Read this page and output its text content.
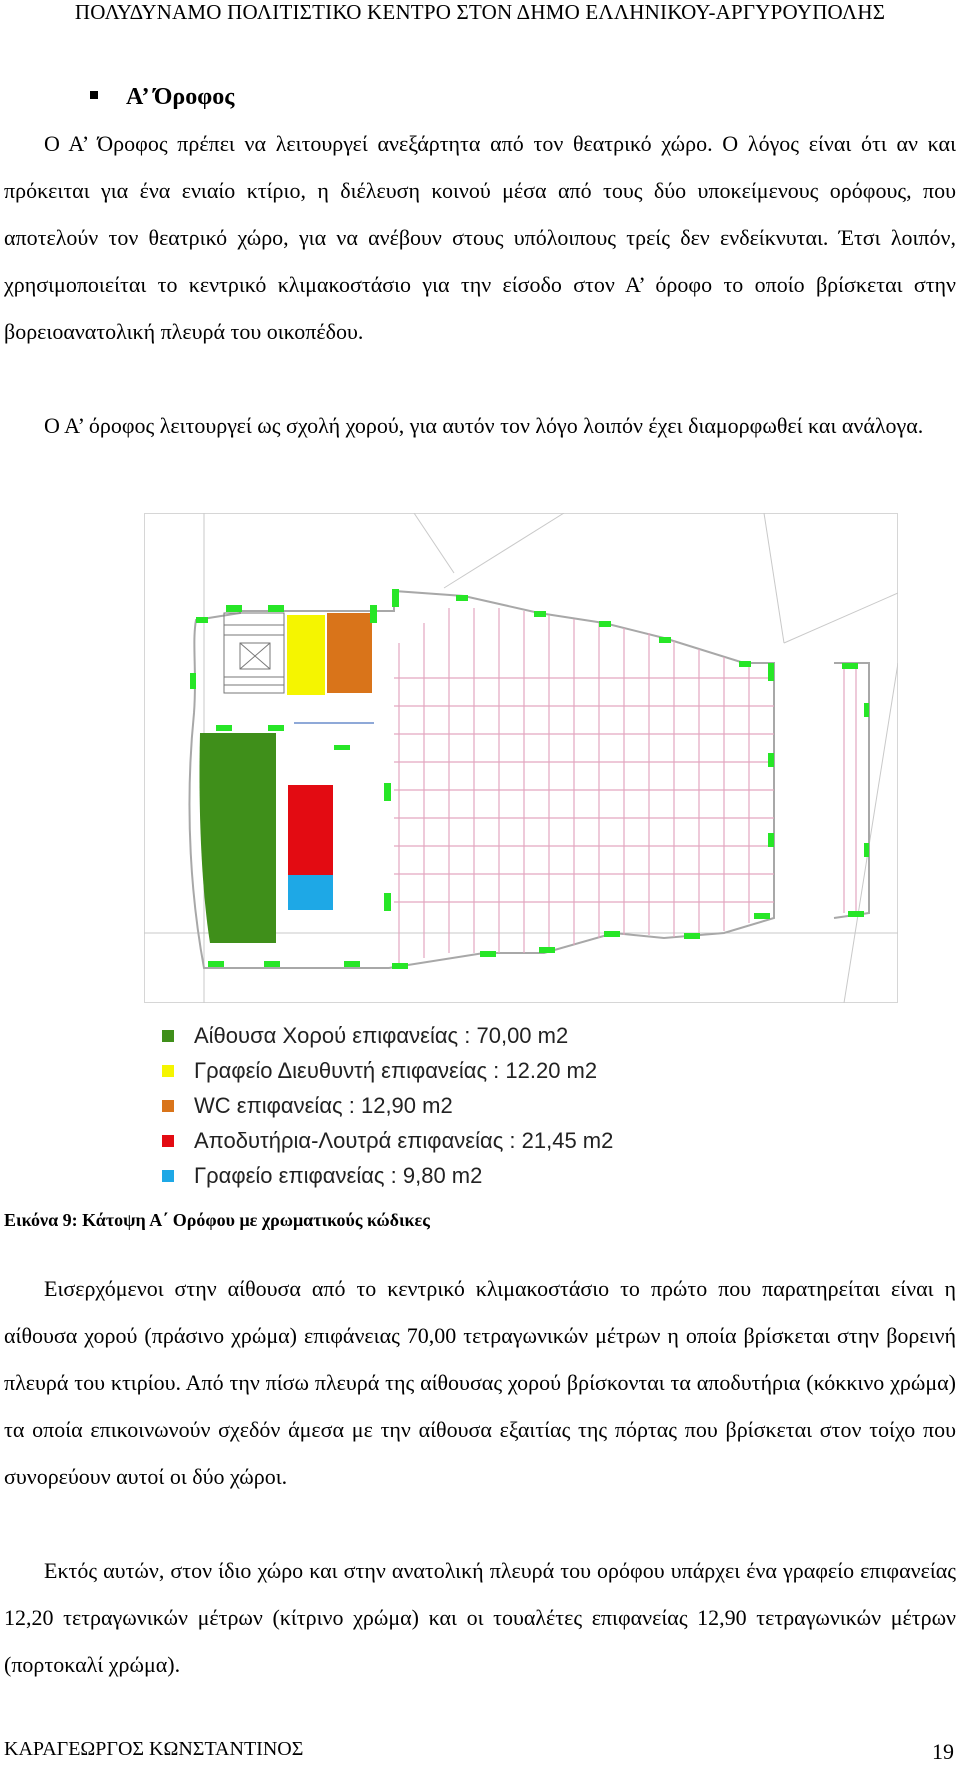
ΠΟΛΥΔΥΝΑΜΟ ΠΟΛΙΤΙΣΤΙΚΟ ΚΕΝΤΡΟ ΣΤΟΝ ΔΗΜΟ ΕΛΛΗΝΙΚΟΥ-ΑΡΓΥΡΟΥΠΟΛΗΣ
Α’ Όροφος

Ο Α’ Όροφος πρέπει να λειτουργεί ανεξάρτητα από τον θεατρικό χώρο. Ο λόγος είναι ότι αν και πρόκειται για ένα ενιαίο κτίριο, η διέλευση κοινού μέσα από τους δύο υποκείμενους ορόφους, που αποτελούν τον θεατρικό χώρο, για να ανέβουν στους υπόλοιπους τρείς δεν ενδείκνυται. Έτσι λοιπόν, χρησιμοποιείται το κεντρικό κλιμακοστάσιο για την είσοδο στον Α’ όροφο το οποίο βρίσκεται στην βορειοανατολική πλευρά του οικοπέδου.

Ο Α’ όροφος λειτουργεί ως σχολή χορού, για αυτόν τον λόγο λοιπόν έχει διαμορφωθεί και ανάλογα.

Αίθουσα Χορού επιφανείας : 70,00 m2
Γραφείο Διευθυντή επιφανείας : 12.20 m2
WC επιφανείας : 12,90 m2
Αποδυτήρια-Λουτρά επιφανείας : 21,45 m2
Γραφείο επιφανείας : 9,80 m2
Εικόνα 9: Κάτοψη Α΄ Ορόφου με χρωματικούς κώδικες

Εισερχόμενοι στην αίθουσα από το κεντρικό κλιμακοστάσιο το πρώτο που παρατηρείται είναι η αίθουσα χορού (πράσινο χρώμα) επιφάνειας 70,00 τετραγωνικών μέτρων η οποία βρίσκεται στην βορεινή πλευρά του κτιρίου. Από την πίσω πλευρά της αίθουσας χορού βρίσκονται τα αποδυτήρια (κόκκινο χρώμα) τα οποία επικοινωνούν σχεδόν άμεσα με την αίθουσα εξαιτίας της πόρτας που βρίσκεται στον τοίχο που συνορεύουν αυτοί οι δύο χώροι.

Εκτός αυτών, στον ίδιο χώρο και στην ανατολική πλευρά του ορόφου υπάρχει ένα γραφείο επιφανείας 12,20 τετραγωνικών μέτρων (κίτρινο χρώμα) και οι τουαλέτες επιφανείας 12,90 τετραγωνικών μέτρων (πορτοκαλί χρώμα).

ΚΑΡΑΓΕΩΡΓΟΣ ΚΩΝΣΤΑΝΤΙΝΟΣ	19
